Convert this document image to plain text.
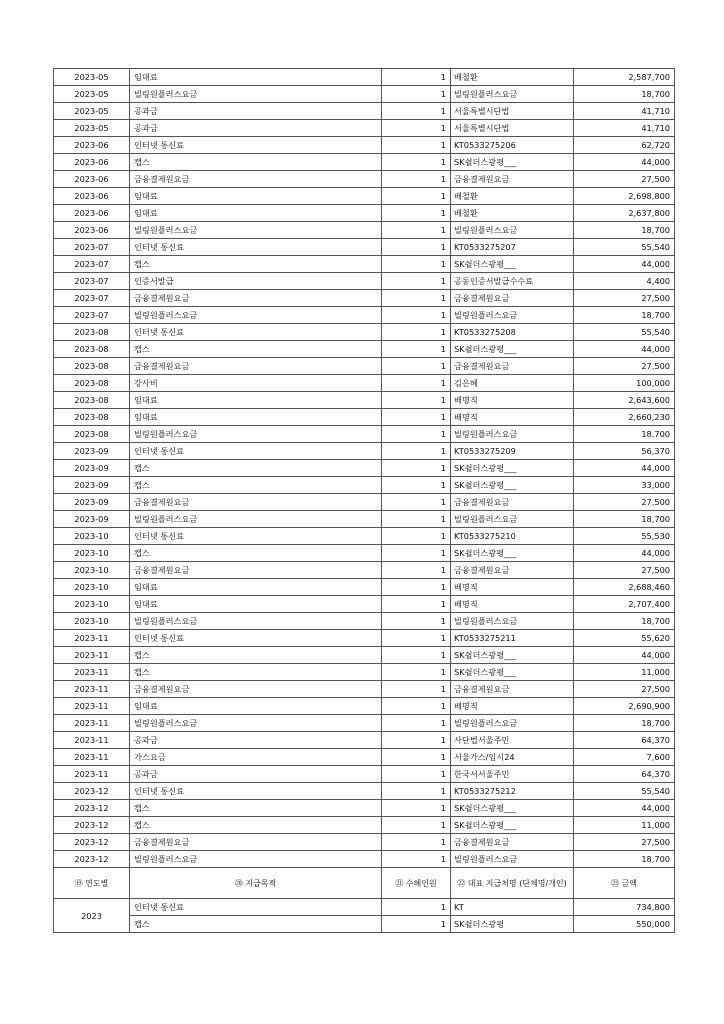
2023-05	임대료	1	배철환	2,587,700
2023-05	빌링원플러스요금	1	빌링원플러스요금	18,700
2023-05	공과금	1	서울특별시단법	41,710
2023-05	공과금	1	서울특별시단법	41,710
2023-06	인터넷 통신료	1	KT0533275206	62,720
2023-06	캡스	1	SK쉴더스광평___	44,000
2023-06	금융결제원요금	1	금융결제원요금	27,500
2023-06	임대료	1	배철환	2,698,800
2023-06	임대료	1	배철환	2,637,800
2023-06	빌링원플러스요금	1	빌링원플러스요금	18,700
2023-07	인터넷 통신료	1	KT0533275207	55,540
2023-07	캡스	1	SK쉴더스광평___	44,000
2023-07	인증서발급	1	공동인증서발급수수료	4,400
2023-07	금융결제원요금	1	금융결제원요금	27,500
2023-07	빌링원플러스요금	1	빌링원플러스요금	18,700
2023-08	인터넷 통신료	1	KT0533275208	55,540
2023-08	캡스	1	SK쉴더스광평___	44,000
2023-08	금융결제원요금	1	금융결제원요금	27,500
2023-08	강사비	1	김은혜	100,000
2023-08	임대료	1	배명직	2,643,600
2023-08	임대료	1	배명직	2,660,230
2023-08	빌링원플러스요금	1	빌링원플러스요금	18,700
2023-09	인터넷 통신료	1	KT0533275209	56,370
2023-09	캡스	1	SK쉴더스광평___	44,000
2023-09	캡스	1	SK쉴더스광평___	33,000
2023-09	금융결제원요금	1	금융결제원요금	27,500
2023-09	빌링원플러스요금	1	빌링원플러스요금	18,700
2023-10	인터넷 통신료	1	KT0533275210	55,530
2023-10	캡스	1	SK쉴더스광평___	44,000
2023-10	금융결제원요금	1	금융결제원요금	27,500
2023-10	임대료	1	배명직	2,688,460
2023-10	임대료	1	배명직	2,707,400
2023-10	빌링원플러스요금	1	빌링원플러스요금	18,700
2023-11	인터넷 통신료	1	KT0533275211	55,620
2023-11	캡스	1	SK쉴더스광평___	44,000
2023-11	캡스	1	SK쉴더스광평___	11,000
2023-11	금융결제원요금	1	금융결제원요금	27,500
2023-11	임대료	1	배명직	2,690,900
2023-11	빌링원플러스요금	1	빌링원플러스요금	18,700
2023-11	공과금	1	사단법서울주민	64,370
2023-11	가스요금	1	서울가스/임시24	7,600
2023-11	공과금	1	한국서서울주민	64,370
2023-12	인터넷 통신료	1	KT0533275212	55,540
2023-12	캡스	1	SK쉴더스광평___	44,000
2023-12	캡스	1	SK쉴더스광평___	11,000
2023-12	금융결제원요금	1	금융결제원요금	27,500
2023-12	빌링원플러스요금	1	빌링원플러스요금	18,700
⑲ 연도별	⑳ 지급목적	㉑ 수혜인원	㉒ 대표 지급처명 (단체명/개인)	㉓ 금액
2023	인터넷 통신료	1	KT	734,800
	캡스	1	SK쉴더스광평	550,000
